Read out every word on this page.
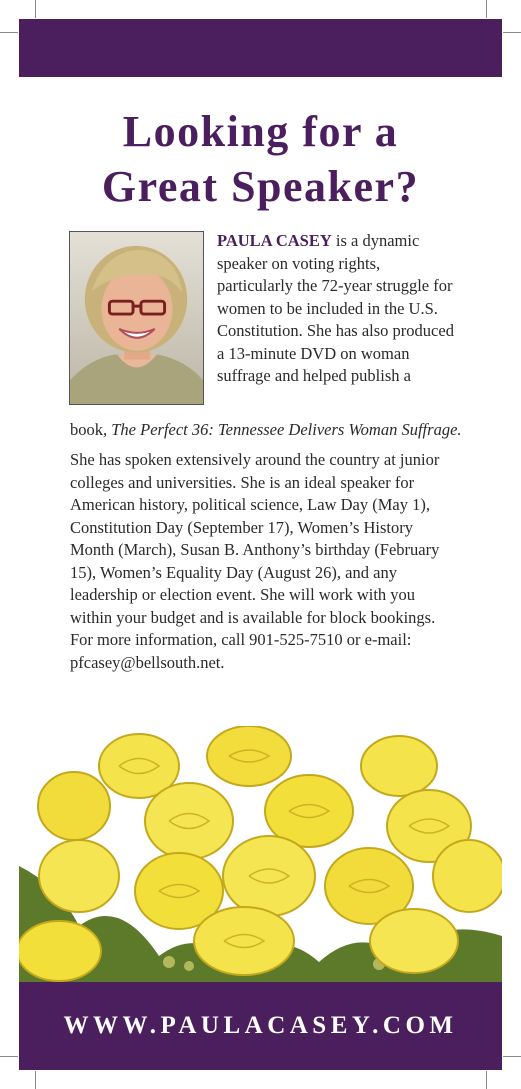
Looking for a
Great Speaker?

PAULA CASEY is a dynamic speaker on voting rights, particularly the 72-year struggle for women to be included in the U.S. Constitution. She has also produced a 13-minute DVD on woman suffrage and helped publish a

book, The Perfect 36: Tennessee Delivers Woman Suffrage.

She has spoken extensively around the country at junior colleges and universities. She is an ideal speaker for American history, political science, Law Day (May 1), Constitution Day (September 17), Women’s History Month (March), Susan B. Anthony’s birthday (February 15), Women’s Equality Day (August 26), and any leadership or election event. She will work with you within your budget and is available for block bookings. For more information, call 901-525-7510 or e-mail: pfcasey@bellsouth.net.

WWW.PAULACASEY.COM
